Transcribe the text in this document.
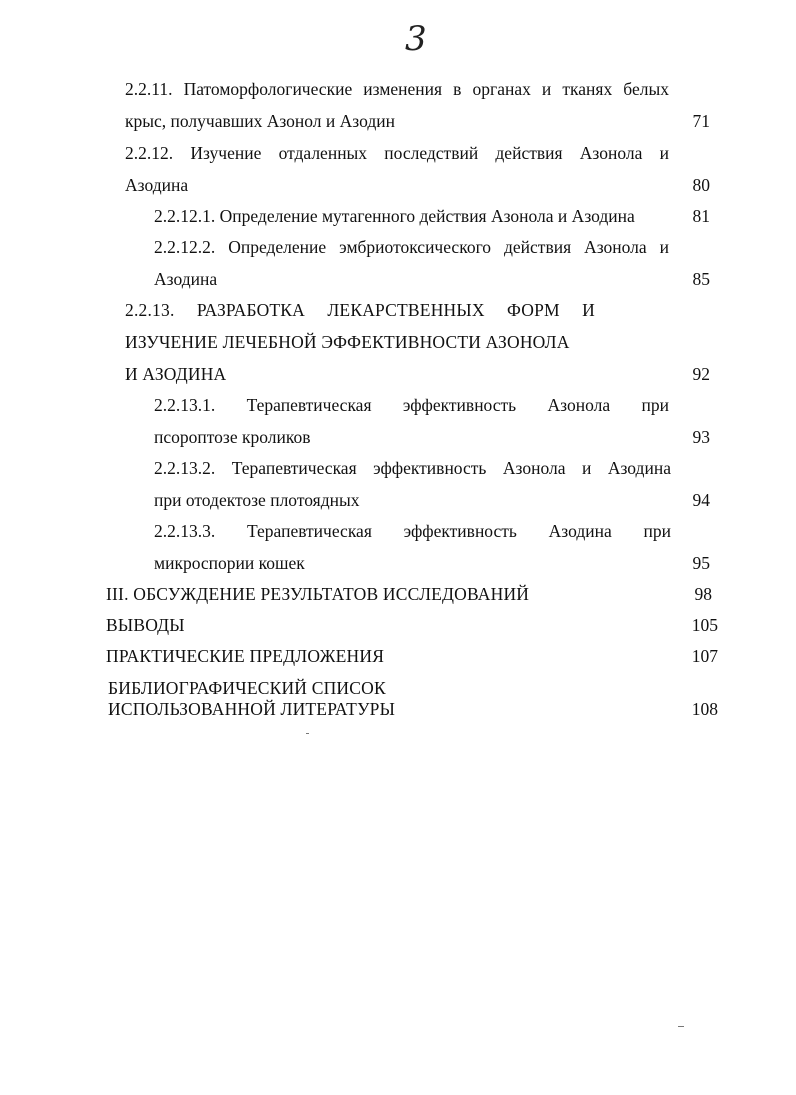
3
2.2.11. Патоморфологические изменения в органах и тканях белых
крыс, получавших Азонол и Азодин	71
2.2.12. Изучение отдаленных последствий действия Азонола и
Азодина	80
2.2.12.1. Определение мутагенного действия Азонола и Азодина	81
2.2.12.2. Определение эмбриотоксического действия Азонола и
Азодина	85
2.2.13. РАЗРАБОТКА ЛЕКАРСТВЕННЫХ ФОРМ И
ИЗУЧЕНИЕ ЛЕЧЕБНОЙ ЭФФЕКТИВНОСТИ АЗОНОЛА
И АЗОДИНА	92
2.2.13.1. Терапевтическая эффективность Азонола при
псороптозе кроликов	93
2.2.13.2. Терапевтическая эффективность Азонола и Азодина
при отодектозе плотоядных	94
2.2.13.3. Терапевтическая эффективность Азодина при
микроспории кошек	95
III. ОБСУЖДЕНИЕ РЕЗУЛЬТАТОВ ИССЛЕДОВАНИЙ	98
ВЫВОДЫ	105
ПРАКТИЧЕСКИЕ ПРЕДЛОЖЕНИЯ	107
БИБЛИОГРАФИЧЕСКИЙ СПИСОК
ИСПОЛЬЗОВАННОЙ ЛИТЕРАТУРЫ	108
